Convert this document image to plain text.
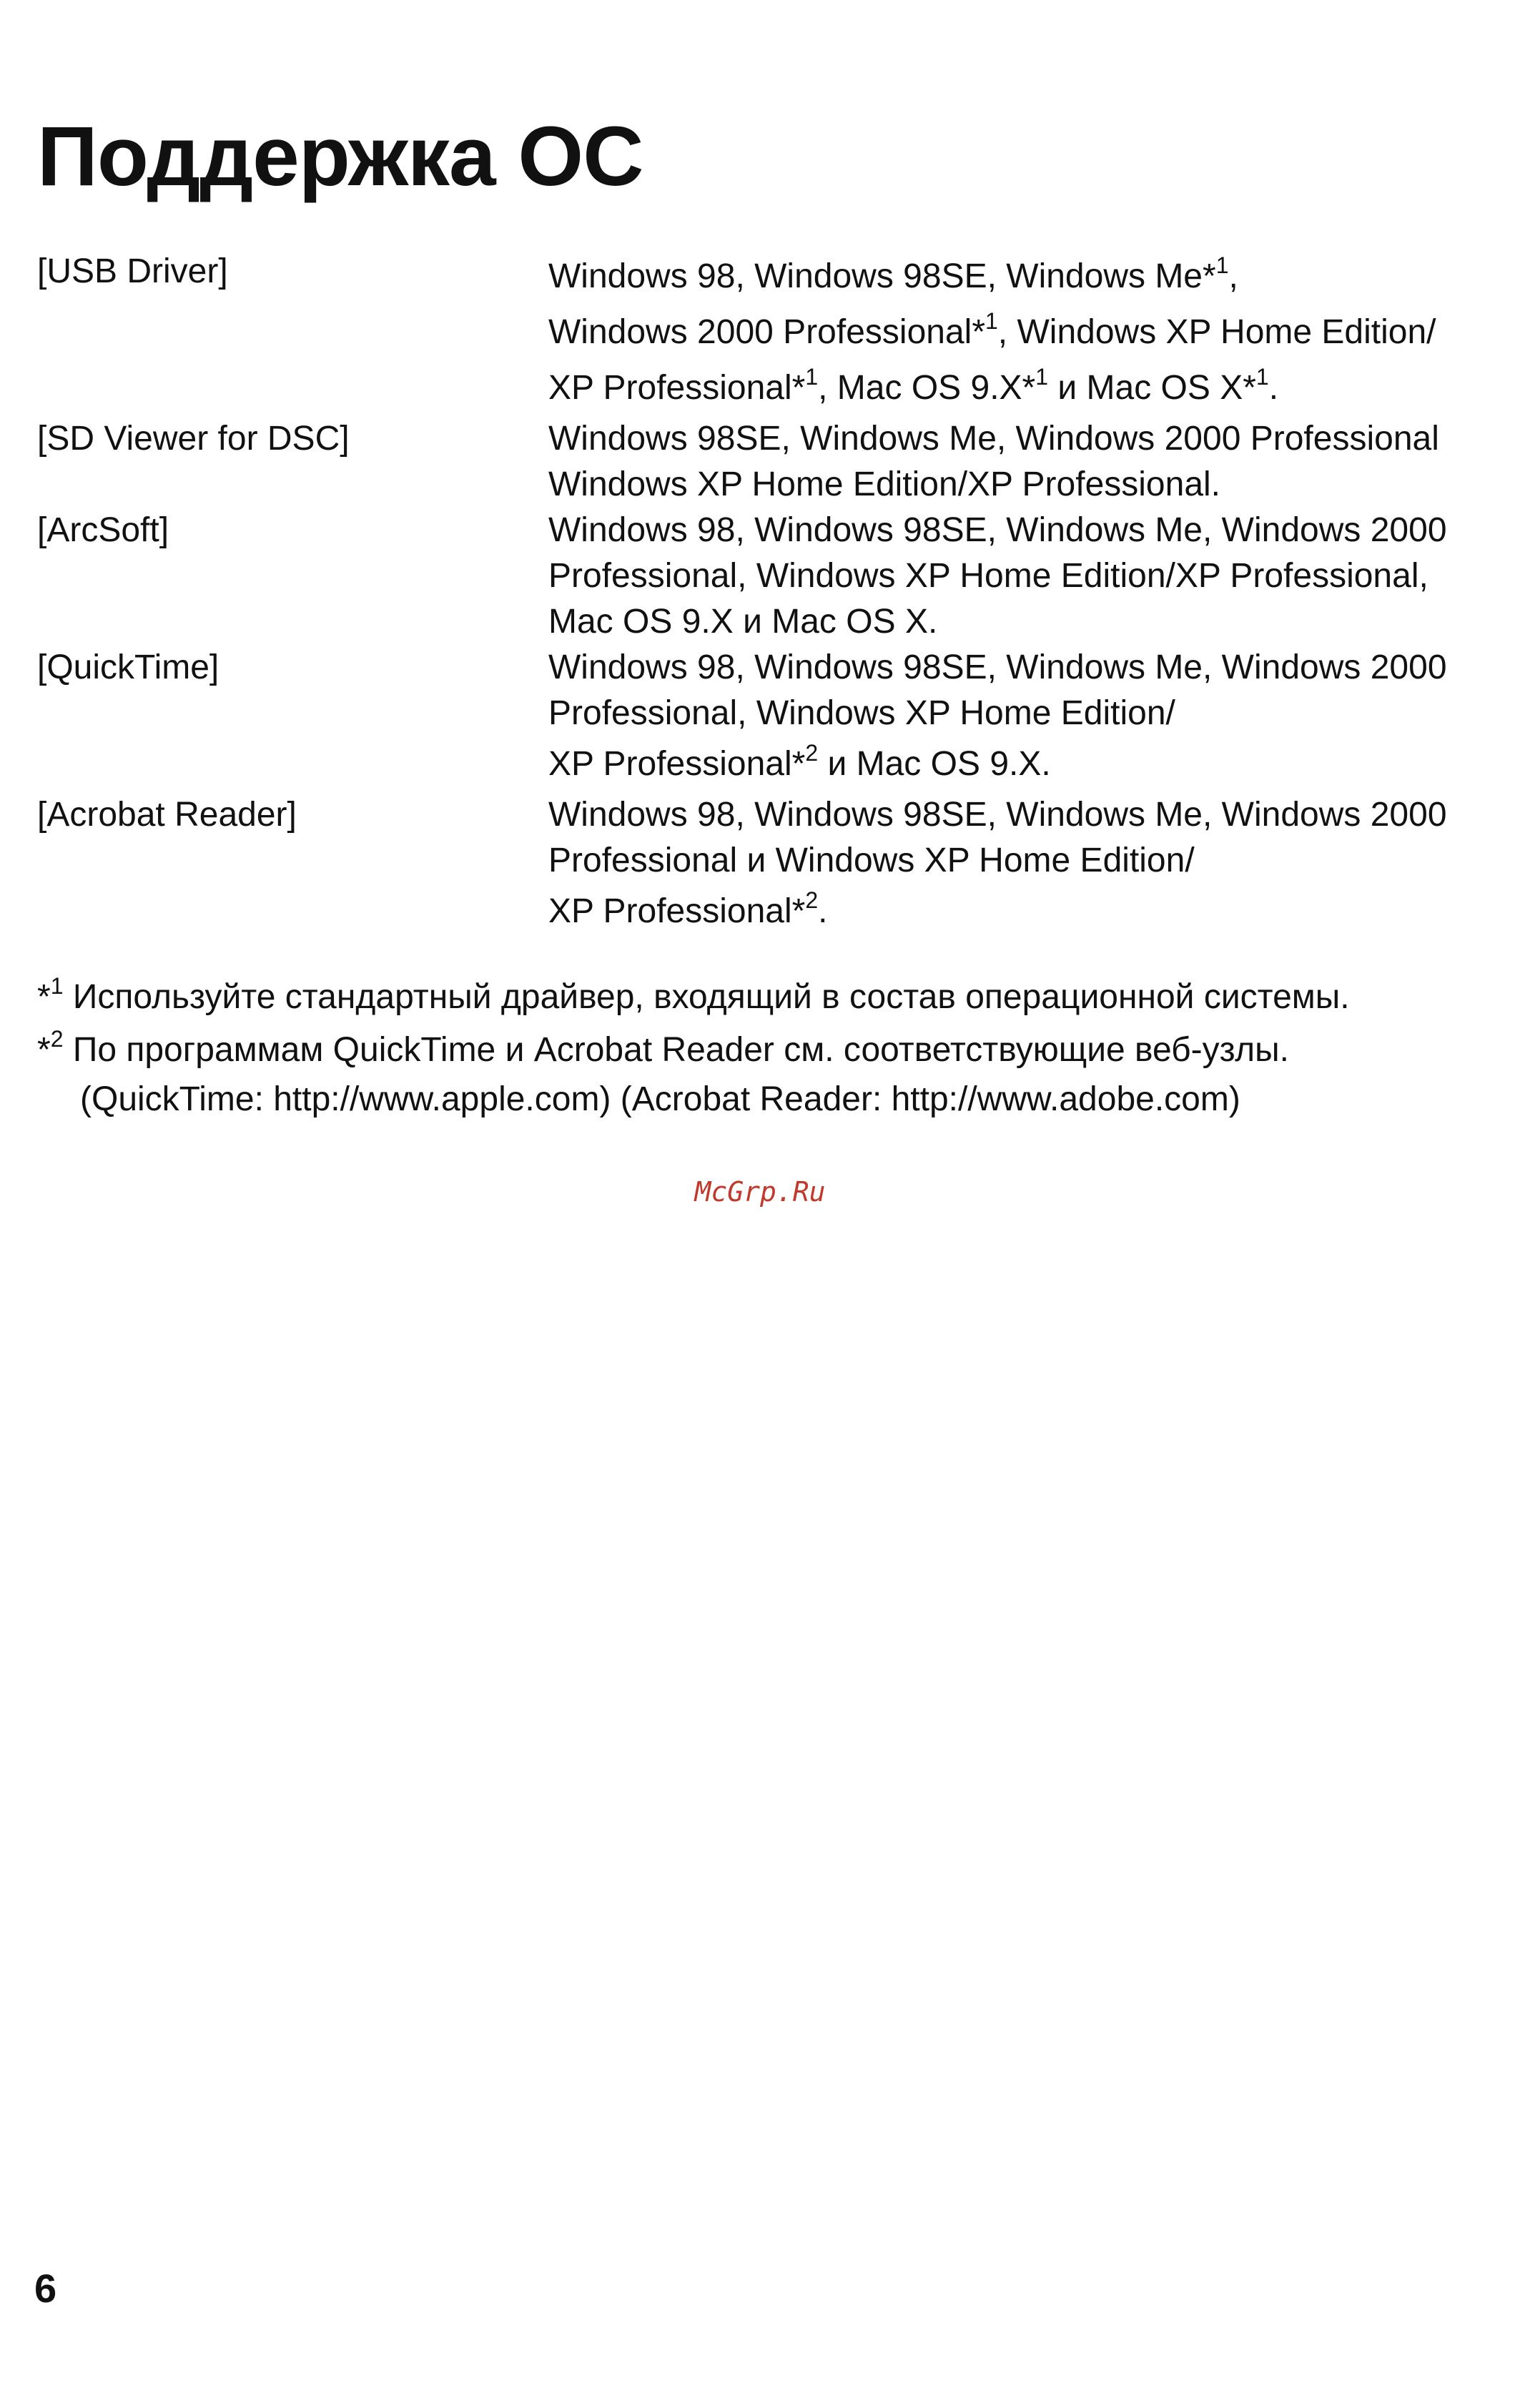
Поддержка ОС
[USB Driver]	Windows 98, Windows 98SE, Windows Me*$^1$,
Windows 2000 Professional*$^1$, Windows XP Home Edition/
XP Professional*$^1$, Mac OS 9.X*$^1$ и Mac OS X*$^1$.
[SD Viewer for DSC]	Windows 98SE, Windows Me, Windows 2000 Professional
Windows XP Home Edition/XP Professional.
[ArcSoft]	Windows 98, Windows 98SE, Windows Me, Windows 2000
Professional, Windows XP Home Edition/XP Professional,
Mac OS 9.X и Mac OS X.
[QuickTime]	Windows 98, Windows 98SE, Windows Me, Windows 2000
Professional, Windows XP Home Edition/
XP Professional*$^2$ и Mac OS 9.X.
[Acrobat Reader]	Windows 98, Windows 98SE, Windows Me, Windows 2000
Professional и Windows XP Home Edition/
XP Professional*$^2$.
*$^1$ Используйте стандартный драйвер, входящий в состав операционной системы.
*$^2$ По программам QuickTime и Acrobat Reader см. соответствующие веб-узлы.
(QuickTime: http://www.apple.com) (Acrobat Reader: http://www.adobe.com)
McGrp.Ru
6
